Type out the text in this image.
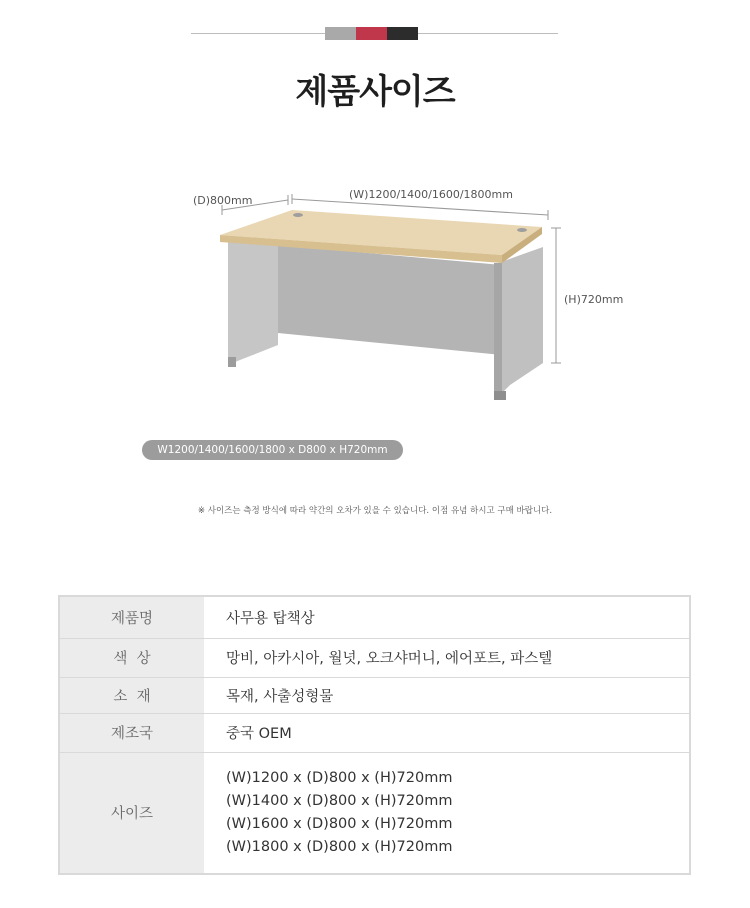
제품사이즈
(D)800mm	(W)1200/1400/1600/1800mm
(H)720mm
W1200/1400/1600/1800 x D800 x H720mm
※ 사이즈는 측정 방식에 따라 약간의 오차가 있을 수 있습니다. 이점 유념 하시고 구매 바랍니다.
제품명	사무용 탑책상
색  상	망비, 아카시아, 월넛, 오크샤머니, 에어포트, 파스텔
소  재	목재, 사출성형물
제조국	중국 OEM
사이즈	(W)1200 x (D)800 x (H)720mm
(W)1400 x (D)800 x (H)720mm
(W)1600 x (D)800 x (H)720mm
(W)1800 x (D)800 x (H)720mm
